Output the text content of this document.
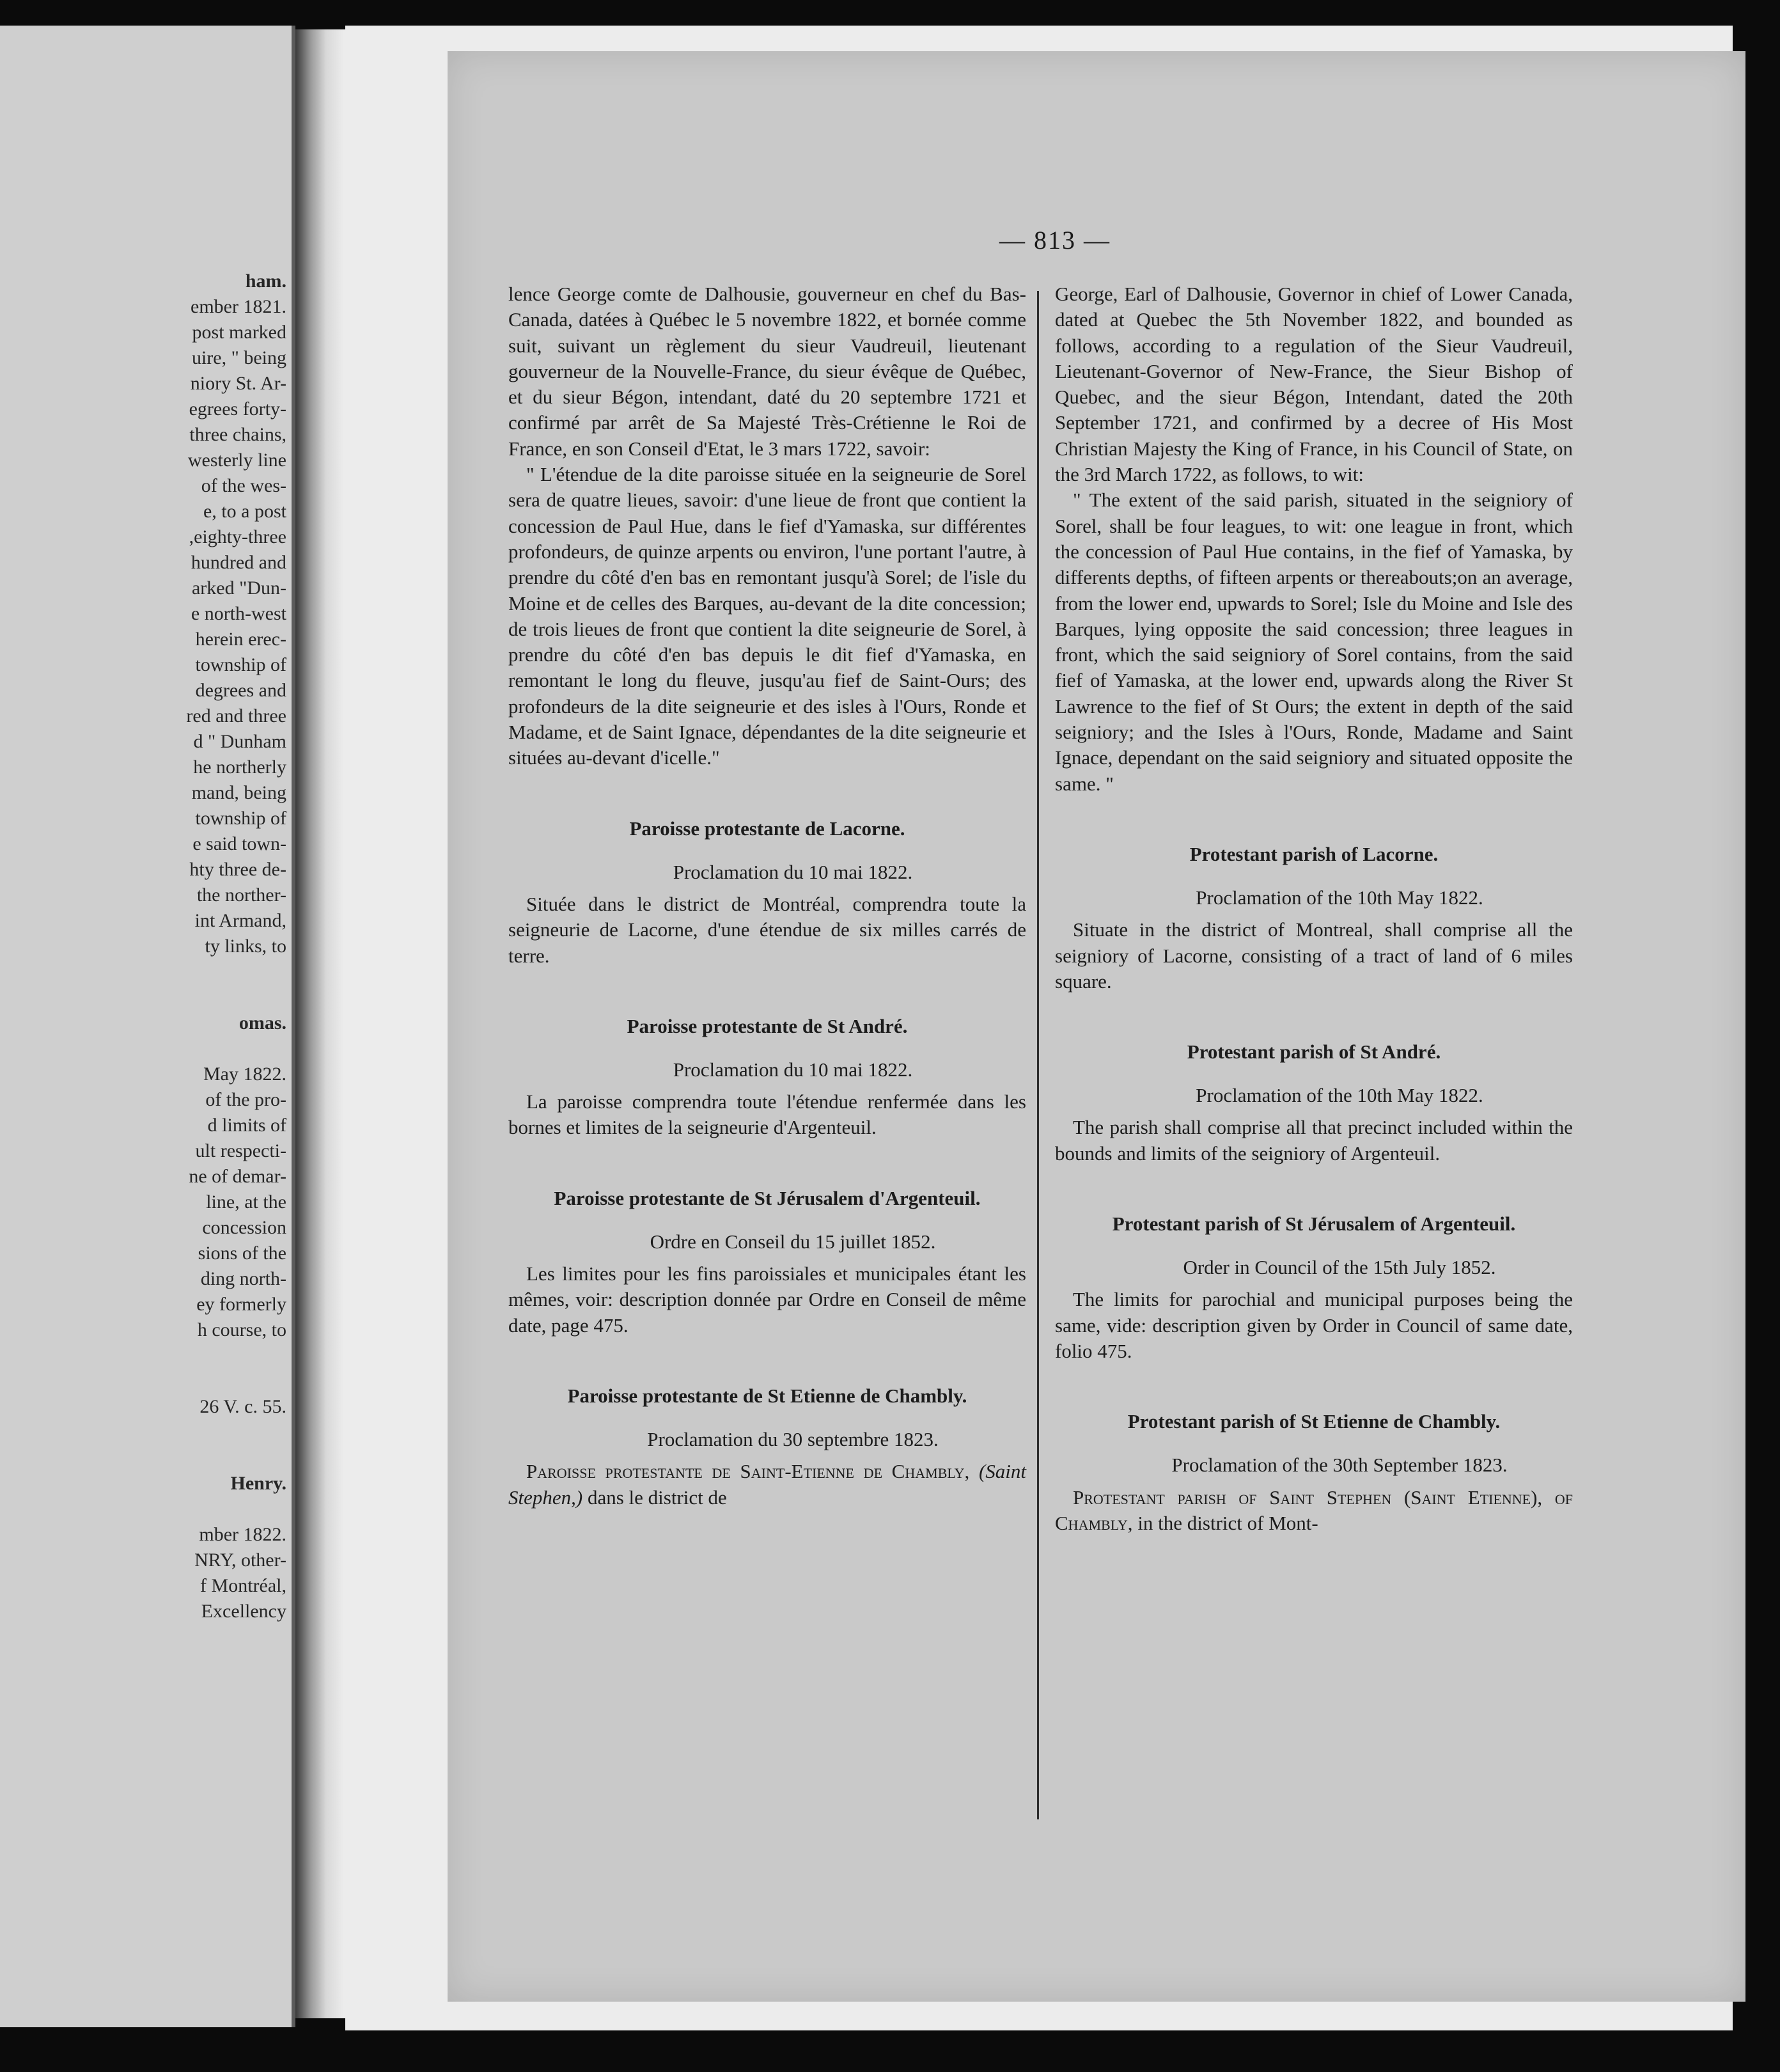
ham.
ember 1821.
post marked
uire, " being
niory St. Ar-
egrees forty-
three chains,
westerly line
of the wes-
e, to a post
,eighty-three
hundred and
arked "Dun-
e north-west
herein erec-
township of
degrees and
red and three
d " Dunham
he northerly
mand, being
township of
e said town-
hty three de-
the norther-
int Armand,
ty links, to

omas.

May 1822.
of the pro-
d limits of
ult respecti-
ne of demar-
line, at the
concession
sions of the
ding north-
ey formerly
h course, to

26 V. c. 55.

Henry.

mber 1822.
NRY, other-
f Montréal,
Excellency
— 813 —

lence George comte de Dalhousie, gouverneur en chef du Bas-Canada, datées à Québec le 5 novembre 1822, et bornée comme suit, suivant un règlement du sieur Vaudreuil, lieutenant gouverneur de la Nouvelle-France, du sieur évêque de Québec, et du sieur Bégon, intendant, daté du 20 septembre 1721 et confirmé par arrêt de Sa Majesté Très-Crétienne le Roi de France, en son Conseil d'Etat, le 3 mars 1722, savoir:

" L'étendue de la dite paroisse située en la seigneurie de Sorel sera de quatre lieues, savoir: d'une lieue de front que contient la concession de Paul Hue, dans le fief d'Yamaska, sur différentes profondeurs, de quinze arpents ou environ, l'une portant l'autre, à prendre du côté d'en bas en remontant jusqu'à Sorel; de l'isle du Moine et de celles des Barques, au-devant de la dite concession; de trois lieues de front que contient la dite seigneurie de Sorel, à prendre du côté d'en bas depuis le dit fief d'Yamaska, en remontant le long du fleuve, jusqu'au fief de Saint-Ours; des profondeurs de la dite seigneurie et des isles à l'Ours, Ronde et Madame, et de Saint Ignace, dépendantes de la dite seigneurie et situées au-devant d'icelle."

Paroisse protestante de Lacorne.
Proclamation du 10 mai 1822.

Située dans le district de Montréal, comprendra toute la seigneurie de Lacorne, d'une étendue de six milles carrés de terre.

Paroisse protestante de St André.
Proclamation du 10 mai 1822.

La paroisse comprendra toute l'étendue renfermée dans les bornes et limites de la seigneurie d'Argenteuil.

Paroisse protestante de St Jérusalem d'Argenteuil.
Ordre en Conseil du 15 juillet 1852.

Les limites pour les fins paroissiales et municipales étant les mêmes, voir: description donnée par Ordre en Conseil de même date, page 475.

Paroisse protestante de St Etienne de Chambly.
Proclamation du 30 septembre 1823.

Paroisse protestante de Saint-Etienne de Chambly, (Saint Stephen,) dans le district de

George, Earl of Dalhousie, Governor in chief of Lower Canada, dated at Quebec the 5th November 1822, and bounded as follows, according to a regulation of the Sieur Vaudreuil, Lieutenant-Governor of New-France, the Sieur Bishop of Quebec, and the sieur Bégon, Intendant, dated the 20th September 1721, and confirmed by a decree of His Most Christian Majesty the King of France, in his Council of State, on the 3rd March 1722, as follows, to wit:

" The extent of the said parish, situated in the seigniory of Sorel, shall be four leagues, to wit: one league in front, which the concession of Paul Hue contains, in the fief of Yamaska, by differents depths, of fifteen arpents or thereabouts;on an average, from the lower end, upwards to Sorel; Isle du Moine and Isle des Barques, lying opposite the said concession; three leagues in front, which the said seigniory of Sorel contains, from the said fief of Yamaska, at the lower end, upwards along the River St Lawrence to the fief of St Ours; the extent in depth of the said seigniory; and the Isles à l'Ours, Ronde, Madame and Saint Ignace, dependant on the said seigniory and situated opposite the same. "

Protestant parish of Lacorne.
Proclamation of the 10th May 1822.

Situate in the district of Montreal, shall comprise all the seigniory of Lacorne, consisting of a tract of land of 6 miles square.

Protestant parish of St André.
Proclamation of the 10th May 1822.

The parish shall comprise all that precinct included within the bounds and limits of the seigniory of Argenteuil.

Protestant parish of St Jérusalem of Argenteuil.
Order in Council of the 15th July 1852.

The limits for parochial and municipal purposes being the same, vide: description given by Order in Council of same date, folio 475.

Protestant parish of St Etienne de Chambly.
Proclamation of the 30th September 1823.

Protestant parish of Saint Stephen (Saint Etienne), of Chambly, in the district of Mont-
